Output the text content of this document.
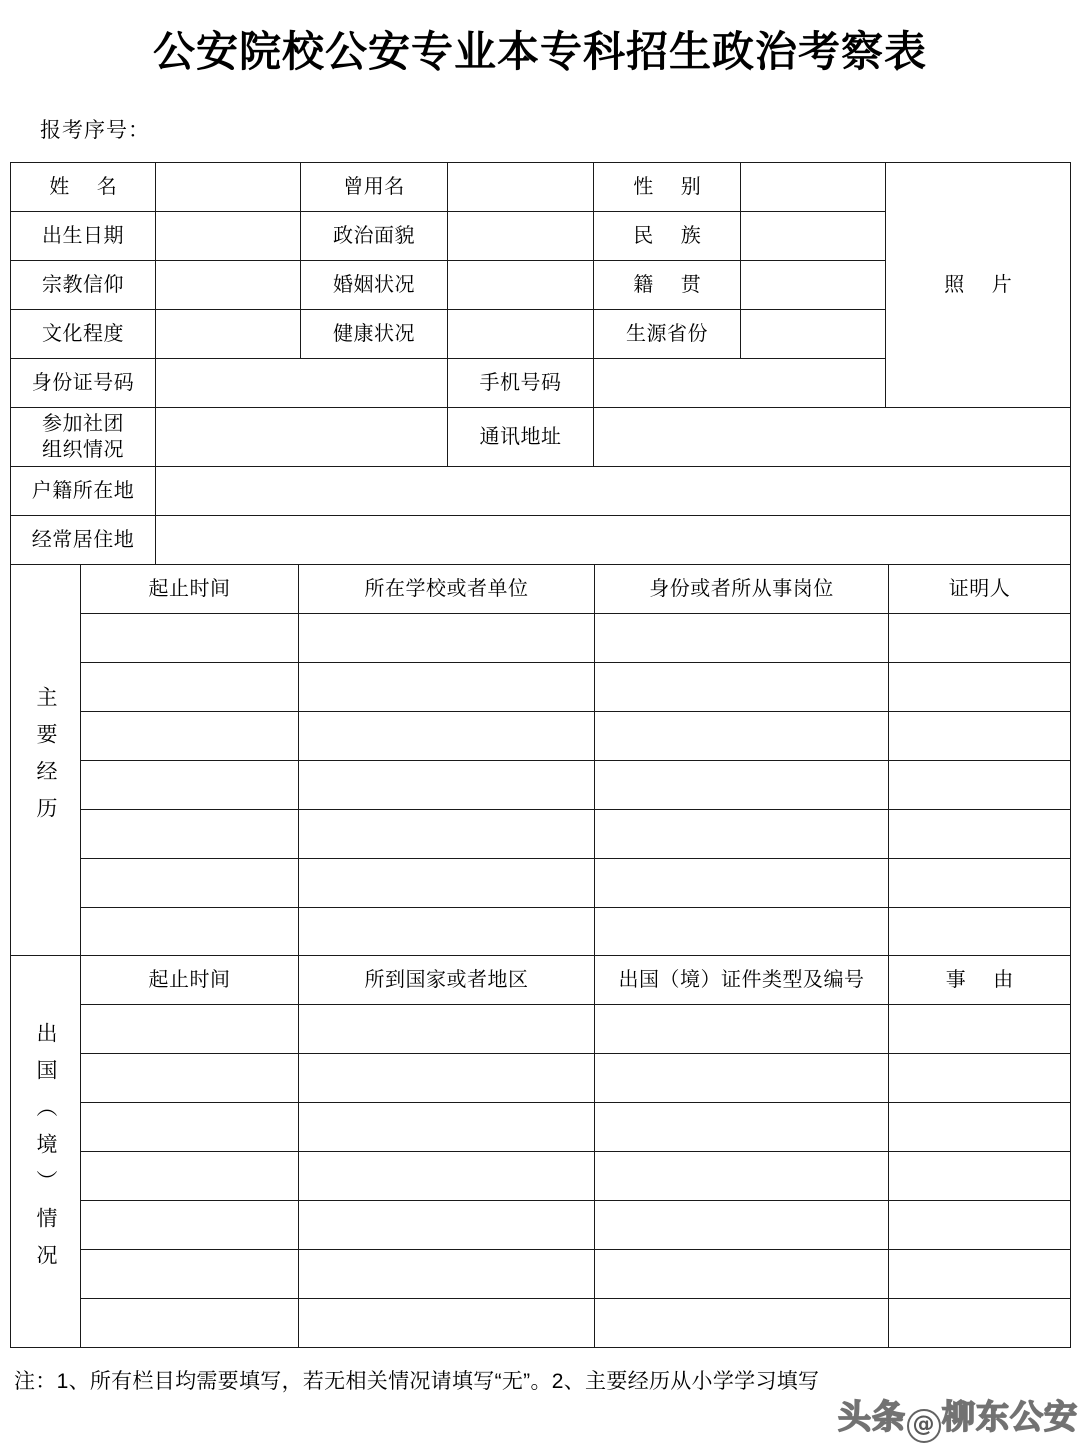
公安院校公安专业本专科招生政治考察表
报考序号：
姓 名		曾用名		性 别		照 片
出生日期		政治面貌		民 族		
宗教信仰		婚姻状况		籍 贯		
文化程度		健康状况		生源省份		
身份证号码			手机号码			
参加社团
组织情况			通讯地址			
户籍所在地						
经常居住地						
主要经历	起止时间	所在学校或者单位	身份或者所从事岗位	证明人

出国（境）情况	起止时间	所到国家或者地区	出国（境）证件类型及编号	事 由

注：1、所有栏目均需要填写，若无相关情况请填写“无”。2、主要经历从小学学习填写
头条 @ 柳东公安
